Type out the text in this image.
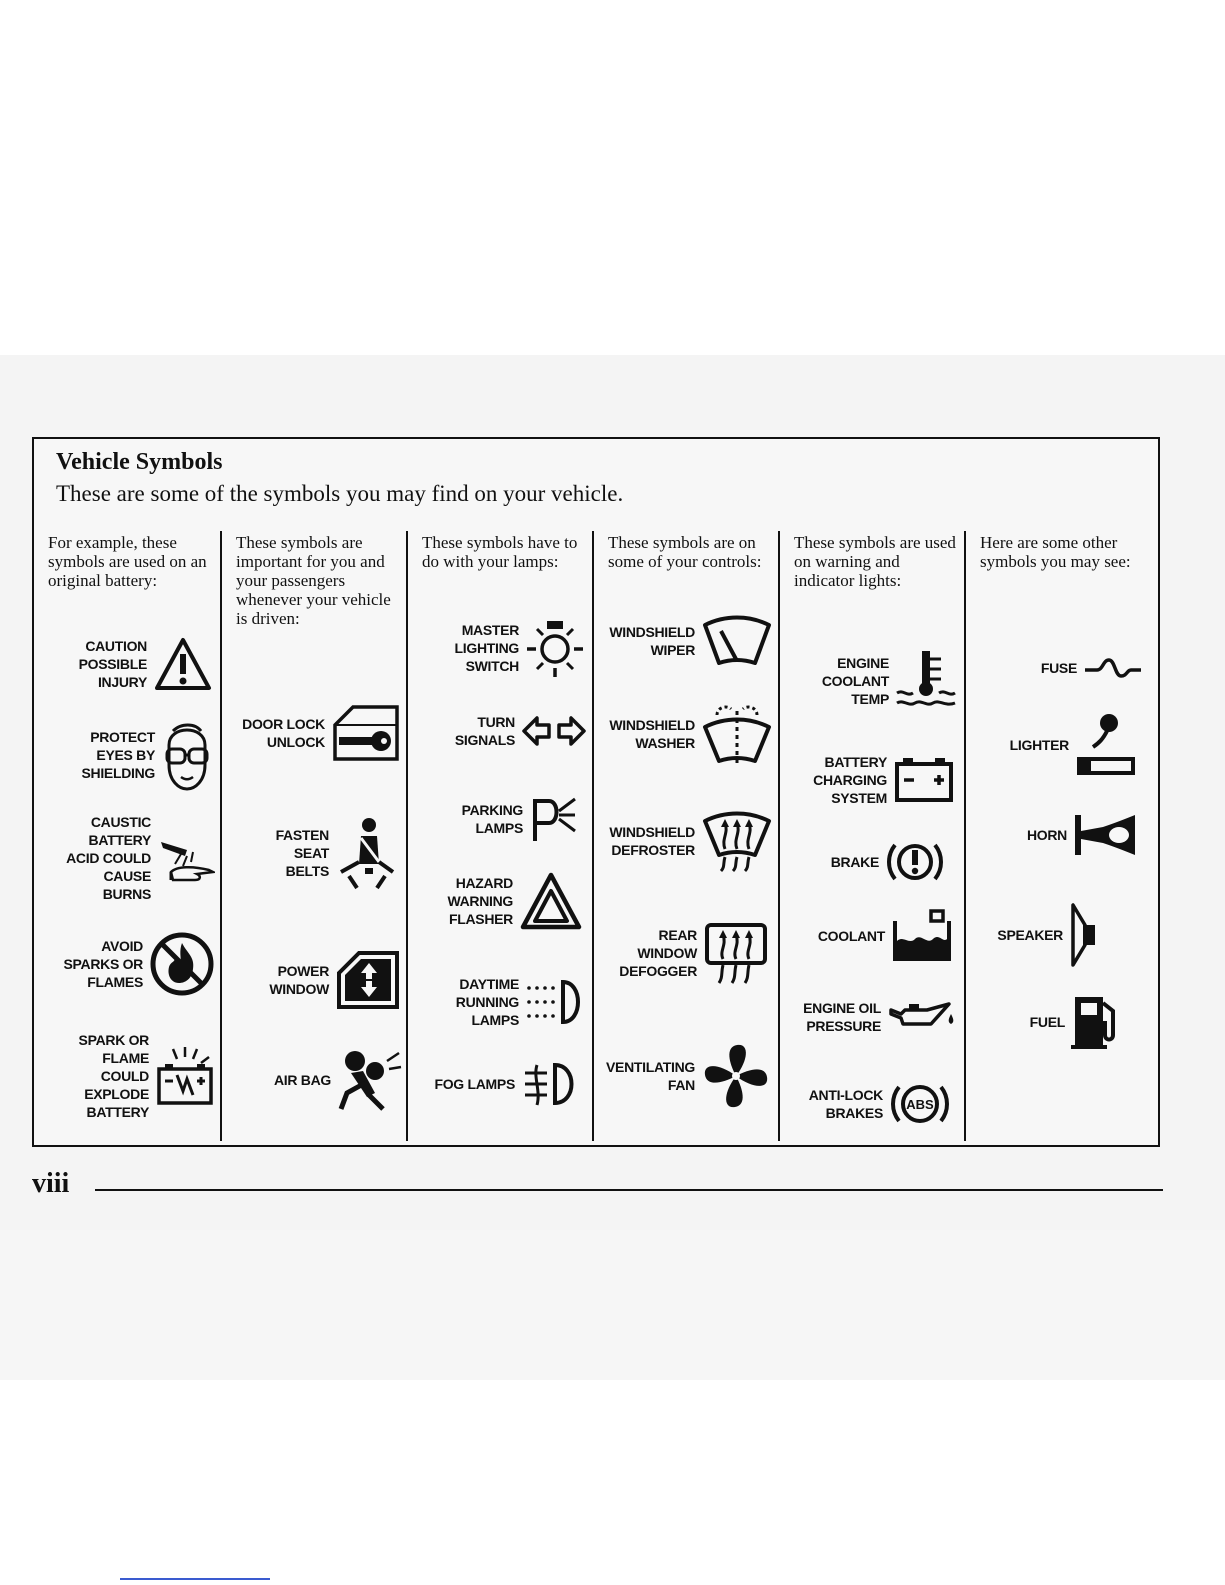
Vehicle Symbols
These are some of the symbols you may find on your vehicle.
For example, these symbols are used on an original battery:
CAUTION
POSSIBLE
INJURY
PROTECT
EYES BY
SHIELDING
CAUSTIC
BATTERY
ACID COULD
CAUSE
BURNS
AVOID
SPARKS OR
FLAMES
SPARK OR
FLAME
COULD
EXPLODE
BATTERY
These symbols are important for you and your passengers whenever your vehicle is driven:
DOOR LOCK
UNLOCK
FASTEN
SEAT
BELTS
POWER
WINDOW
AIR BAG
These symbols have to do with your lamps:
MASTER
LIGHTING
SWITCH
TURN
SIGNALS
PARKING
LAMPS
HAZARD
WARNING
FLASHER
DAYTIME
RUNNING
LAMPS
FOG LAMPS
These symbols are on some of your controls:
WINDSHIELD
WIPER
WINDSHIELD
WASHER
WINDSHIELD
DEFROSTER
REAR
WINDOW
DEFOGGER
VENTILATING
FAN
These symbols are used on warning and indicator lights:
ENGINE
COOLANT
TEMP
BATTERY
CHARGING
SYSTEM
BRAKE
COOLANT
ENGINE OIL
PRESSURE
ANTI-LOCK
BRAKES
ABS
Here are some other symbols you may see:
FUSE
LIGHTER
HORN
SPEAKER
FUEL
viii
